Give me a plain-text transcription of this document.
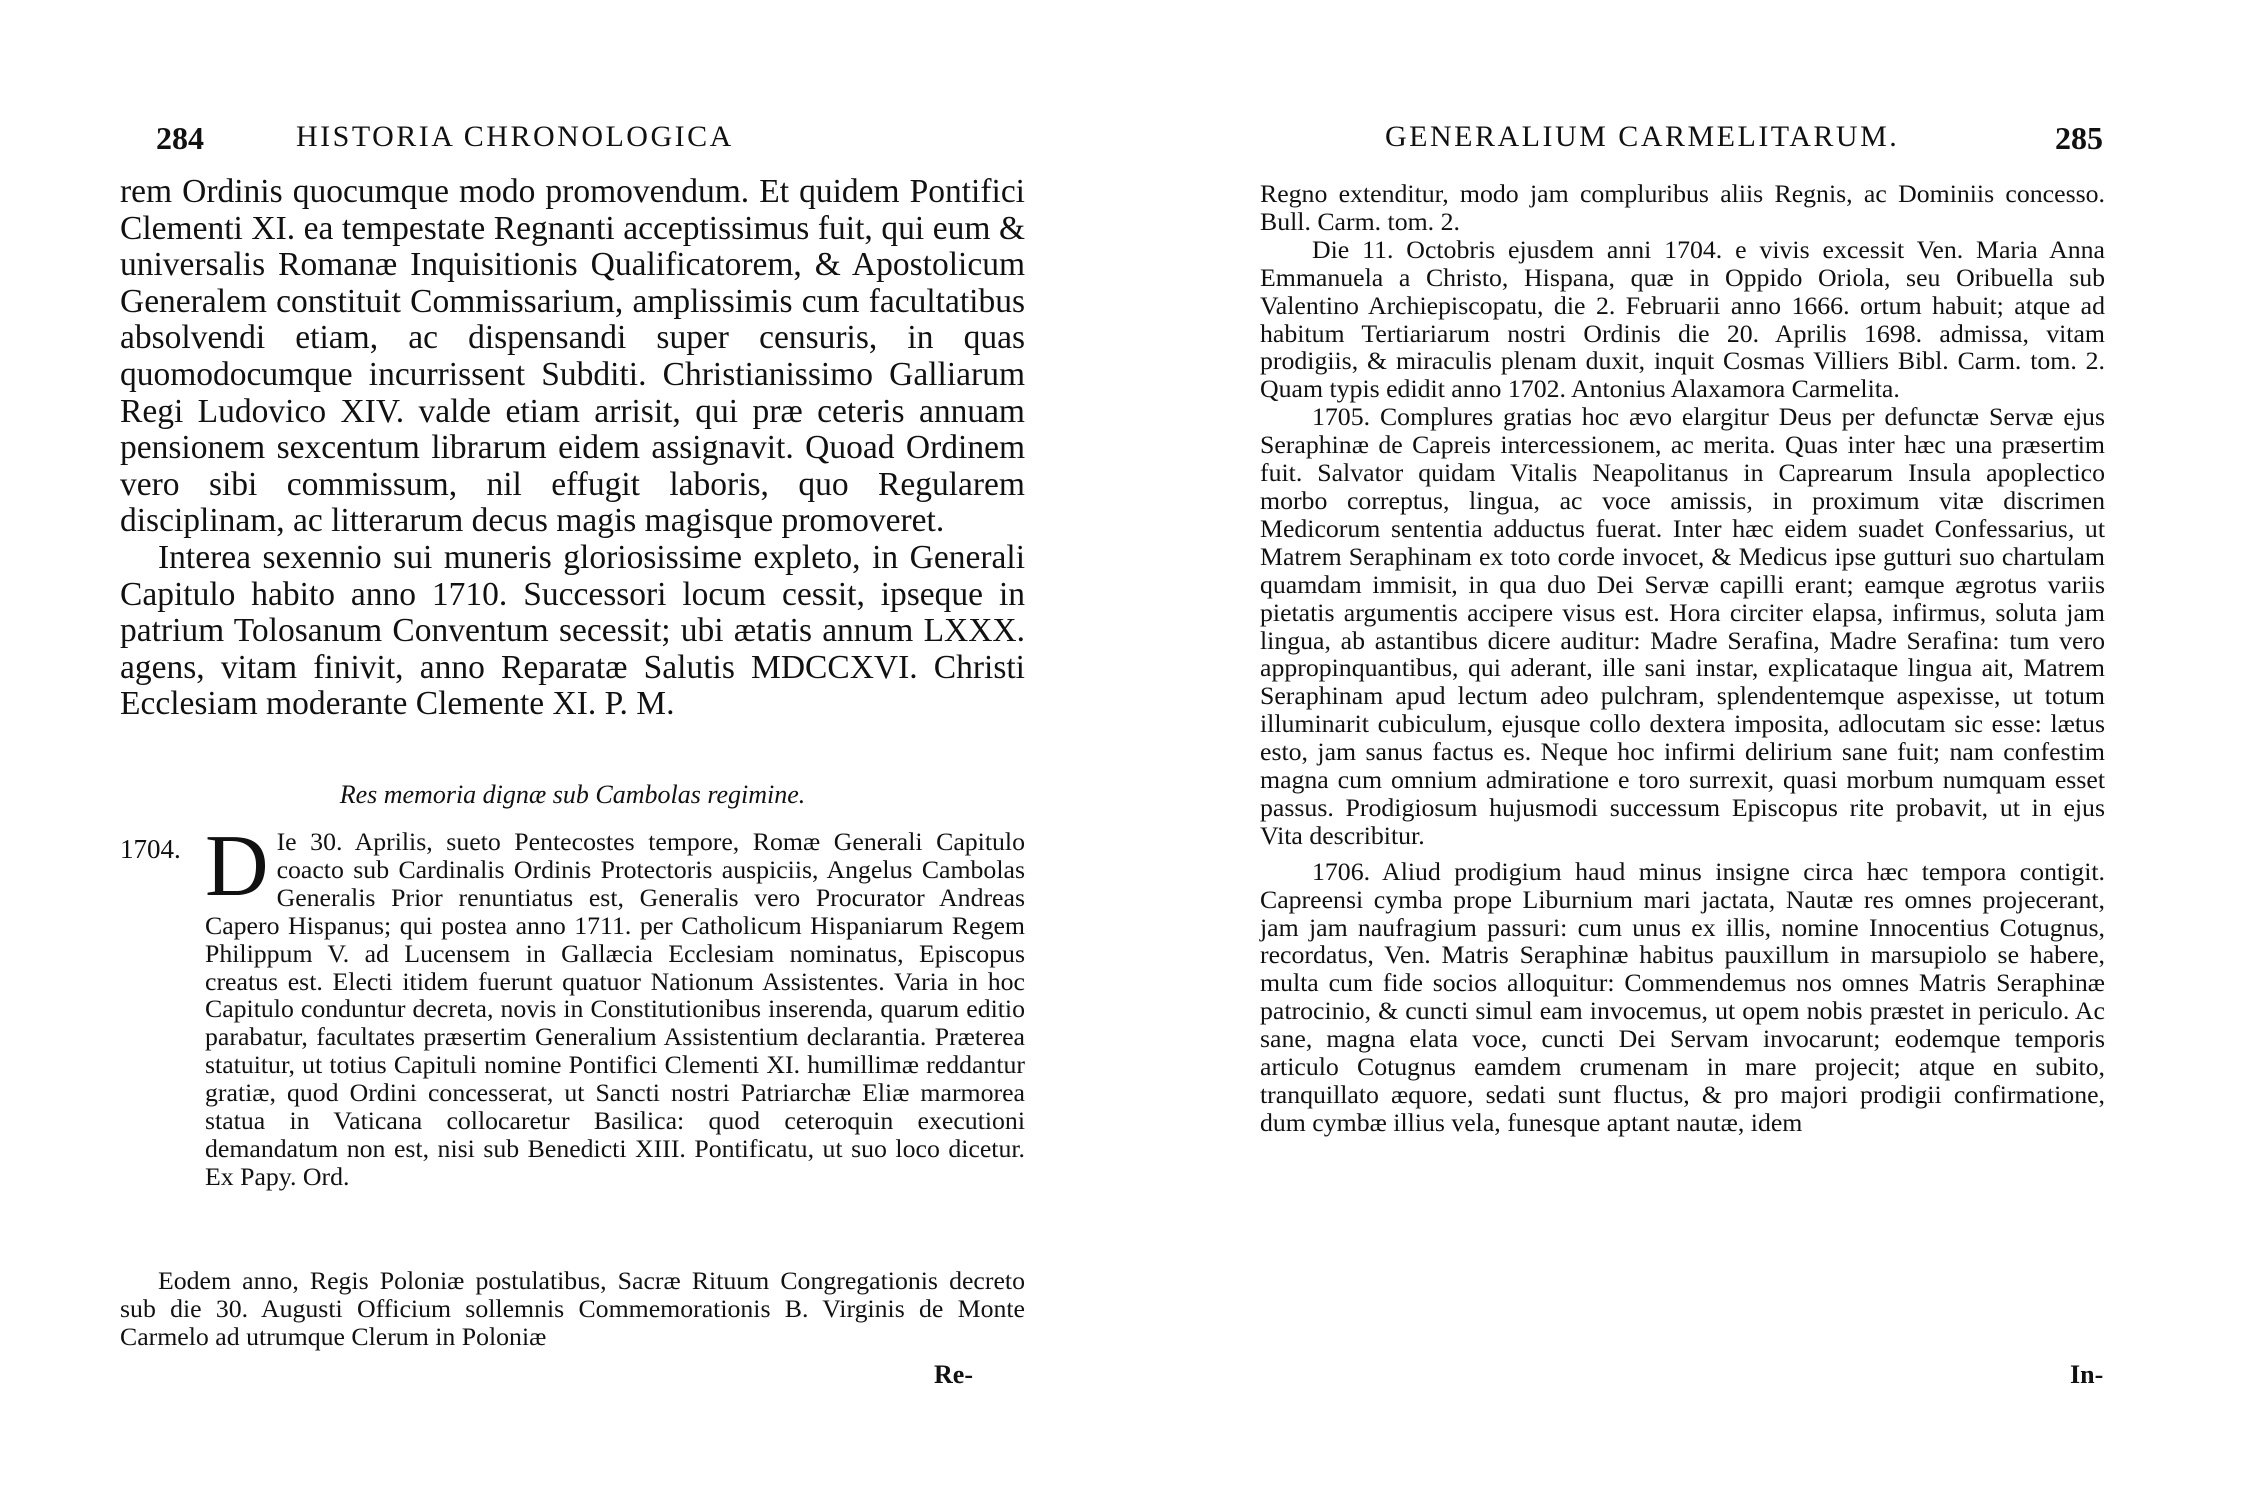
284	HISTORIA CHRONOLOGICA

rem Ordinis quocumque modo promovendum. Et quidem Pontifici Clementi XI. ea tempestate Regnanti acceptissimus fuit, qui eum & universalis Romanæ Inquisitionis Qualificatorem, & Apostolicum Generalem constituit Commissarium, amplissimis cum facultatibus absolvendi etiam, ac dispensandi super censuris, in quas quomodocumque incurrissent Subditi. Christianissimo Galliarum Regi Ludovico XIV. valde etiam arrisit, qui præ ceteris annuam pensionem sexcentum librarum eidem assignavit. Quoad Ordinem vero sibi commissum, nil effugit laboris, quo Regularem disciplinam, ac litterarum decus magis magisque promoveret.

Interea sexennio sui muneris gloriosissime expleto, in Generali Capitulo habito anno 1710. Successori locum cessit, ipseque in patrium Tolosanum Conventum secessit; ubi ætatis annum LXXX. agens, vitam finivit, anno Reparatæ Salutis MDCCXVI. Christi Ecclesiam moderante Clemente XI. P. M.

Res memoria dignæ sub Cambolas regimine.
1704. D Ie 30. Aprilis, sueto Pentecostes tempore, Romæ Generali Capitulo coacto sub Cardinalis Ordinis Protectoris auspiciis, Angelus Cambolas Generalis Prior renuntiatus est, Generalis vero Procurator Andreas Capero Hispanus; qui postea anno 1711. per Catholicum Hispaniarum Regem Philippum V. ad Lucensem in Gallæcia Ecclesiam nominatus, Episcopus creatus est. Electi itidem fuerunt quatuor Nationum Assistentes. Varia in hoc Capitulo conduntur decreta, novis in Constitutionibus inserenda, quarum editio parabatur, facultates præsertim Generalium Assistentium declarantia. Præterea statuitur, ut totius Capituli nomine Pontifici Clementi XI. humillimæ reddantur gratiæ, quod Ordini concesserat, ut Sancti nostri Patriarchæ Eliæ marmorea statua in Vaticana collocaretur Basilica: quod ceteroquin executioni demandatum non est, nisi sub Benedicti XIII. Pontificatu, ut suo loco dicetur. Ex Papy. Ord.

Eodem anno, Regis Poloniæ postulatibus, Sacræ Rituum Congregationis decreto sub die 30. Augusti Officium sollemnis Commemorationis B. Virginis de Monte Carmelo ad utrumque Clerum in Poloniæ

Re-
GENERALIUM CARMELITARUM.	285

Regno extenditur, modo jam compluribus aliis Regnis, ac Dominiis concesso. Bull. Carm. tom. 2.

Die 11. Octobris ejusdem anni 1704. e vivis excessit Ven. Maria Anna Emmanuela a Christo, Hispana, quæ in Oppido Oriola, seu Oribuella sub Valentino Archiepiscopatu, die 2. Februarii anno 1666. ortum habuit; atque ad habitum Tertiariarum nostri Ordinis die 20. Aprilis 1698. admissa, vitam prodigiis, & miraculis plenam duxit, inquit Cosmas Villiers Bibl. Carm. tom. 2. Quam typis edidit anno 1702. Antonius Alaxamora Carmelita.

1705. Complures gratias hoc ævo elargitur Deus per defunctæ Servæ ejus Seraphinæ de Capreis intercessionem, ac merita. Quas inter hæc una præsertim fuit. Salvator quidam Vitalis Neapolitanus in Caprearum Insula apoplectico morbo correptus, lingua, ac voce amissis, in proximum vitæ discrimen Medicorum sententia adductus fuerat. Inter hæc eidem suadet Confessarius, ut Matrem Seraphinam ex toto corde invocet, & Medicus ipse gutturi suo chartulam quamdam immisit, in qua duo Dei Servæ capilli erant; eamque ægrotus variis pietatis argumentis accipere visus est. Hora circiter elapsa, infirmus, soluta jam lingua, ab astantibus dicere auditur: Madre Serafina, Madre Serafina: tum vero appropinquantibus, qui aderant, ille sani instar, explicataque lingua ait, Matrem Seraphinam apud lectum adeo pulchram, splendentemque aspexisse, ut totum illuminarit cubiculum, ejusque collo dextera imposita, adlocutam sic esse: lætus esto, jam sanus factus es. Neque hoc infirmi delirium sane fuit; nam confestim magna cum omnium admiratione e toro surrexit, quasi morbum numquam esset passus. Prodigiosum hujusmodi successum Episcopus rite probavit, ut in ejus Vita describitur.

1706. Aliud prodigium haud minus insigne circa hæc tempora contigit. Capreensi cymba prope Liburnium mari jactata, Nautæ res omnes projecerant, jam jam naufragium passuri: cum unus ex illis, nomine Innocentius Cotugnus, recordatus, Ven. Matris Seraphinæ habitus pauxillum in marsupiolo se habere, multa cum fide socios alloquitur: Commendemus nos omnes Matris Seraphinæ patrocinio, & cuncti simul eam invocemus, ut opem nobis præstet in periculo. Ac sane, magna elata voce, cuncti Dei Servam invocarunt; eodemque temporis articulo Cotugnus eamdem crumenam in mare projecit; atque en subito, tranquillato æquore, sedati sunt fluctus, & pro majori prodigii confirmatione, dum cymbæ illius vela, funesque aptant nautæ, idem

In-
